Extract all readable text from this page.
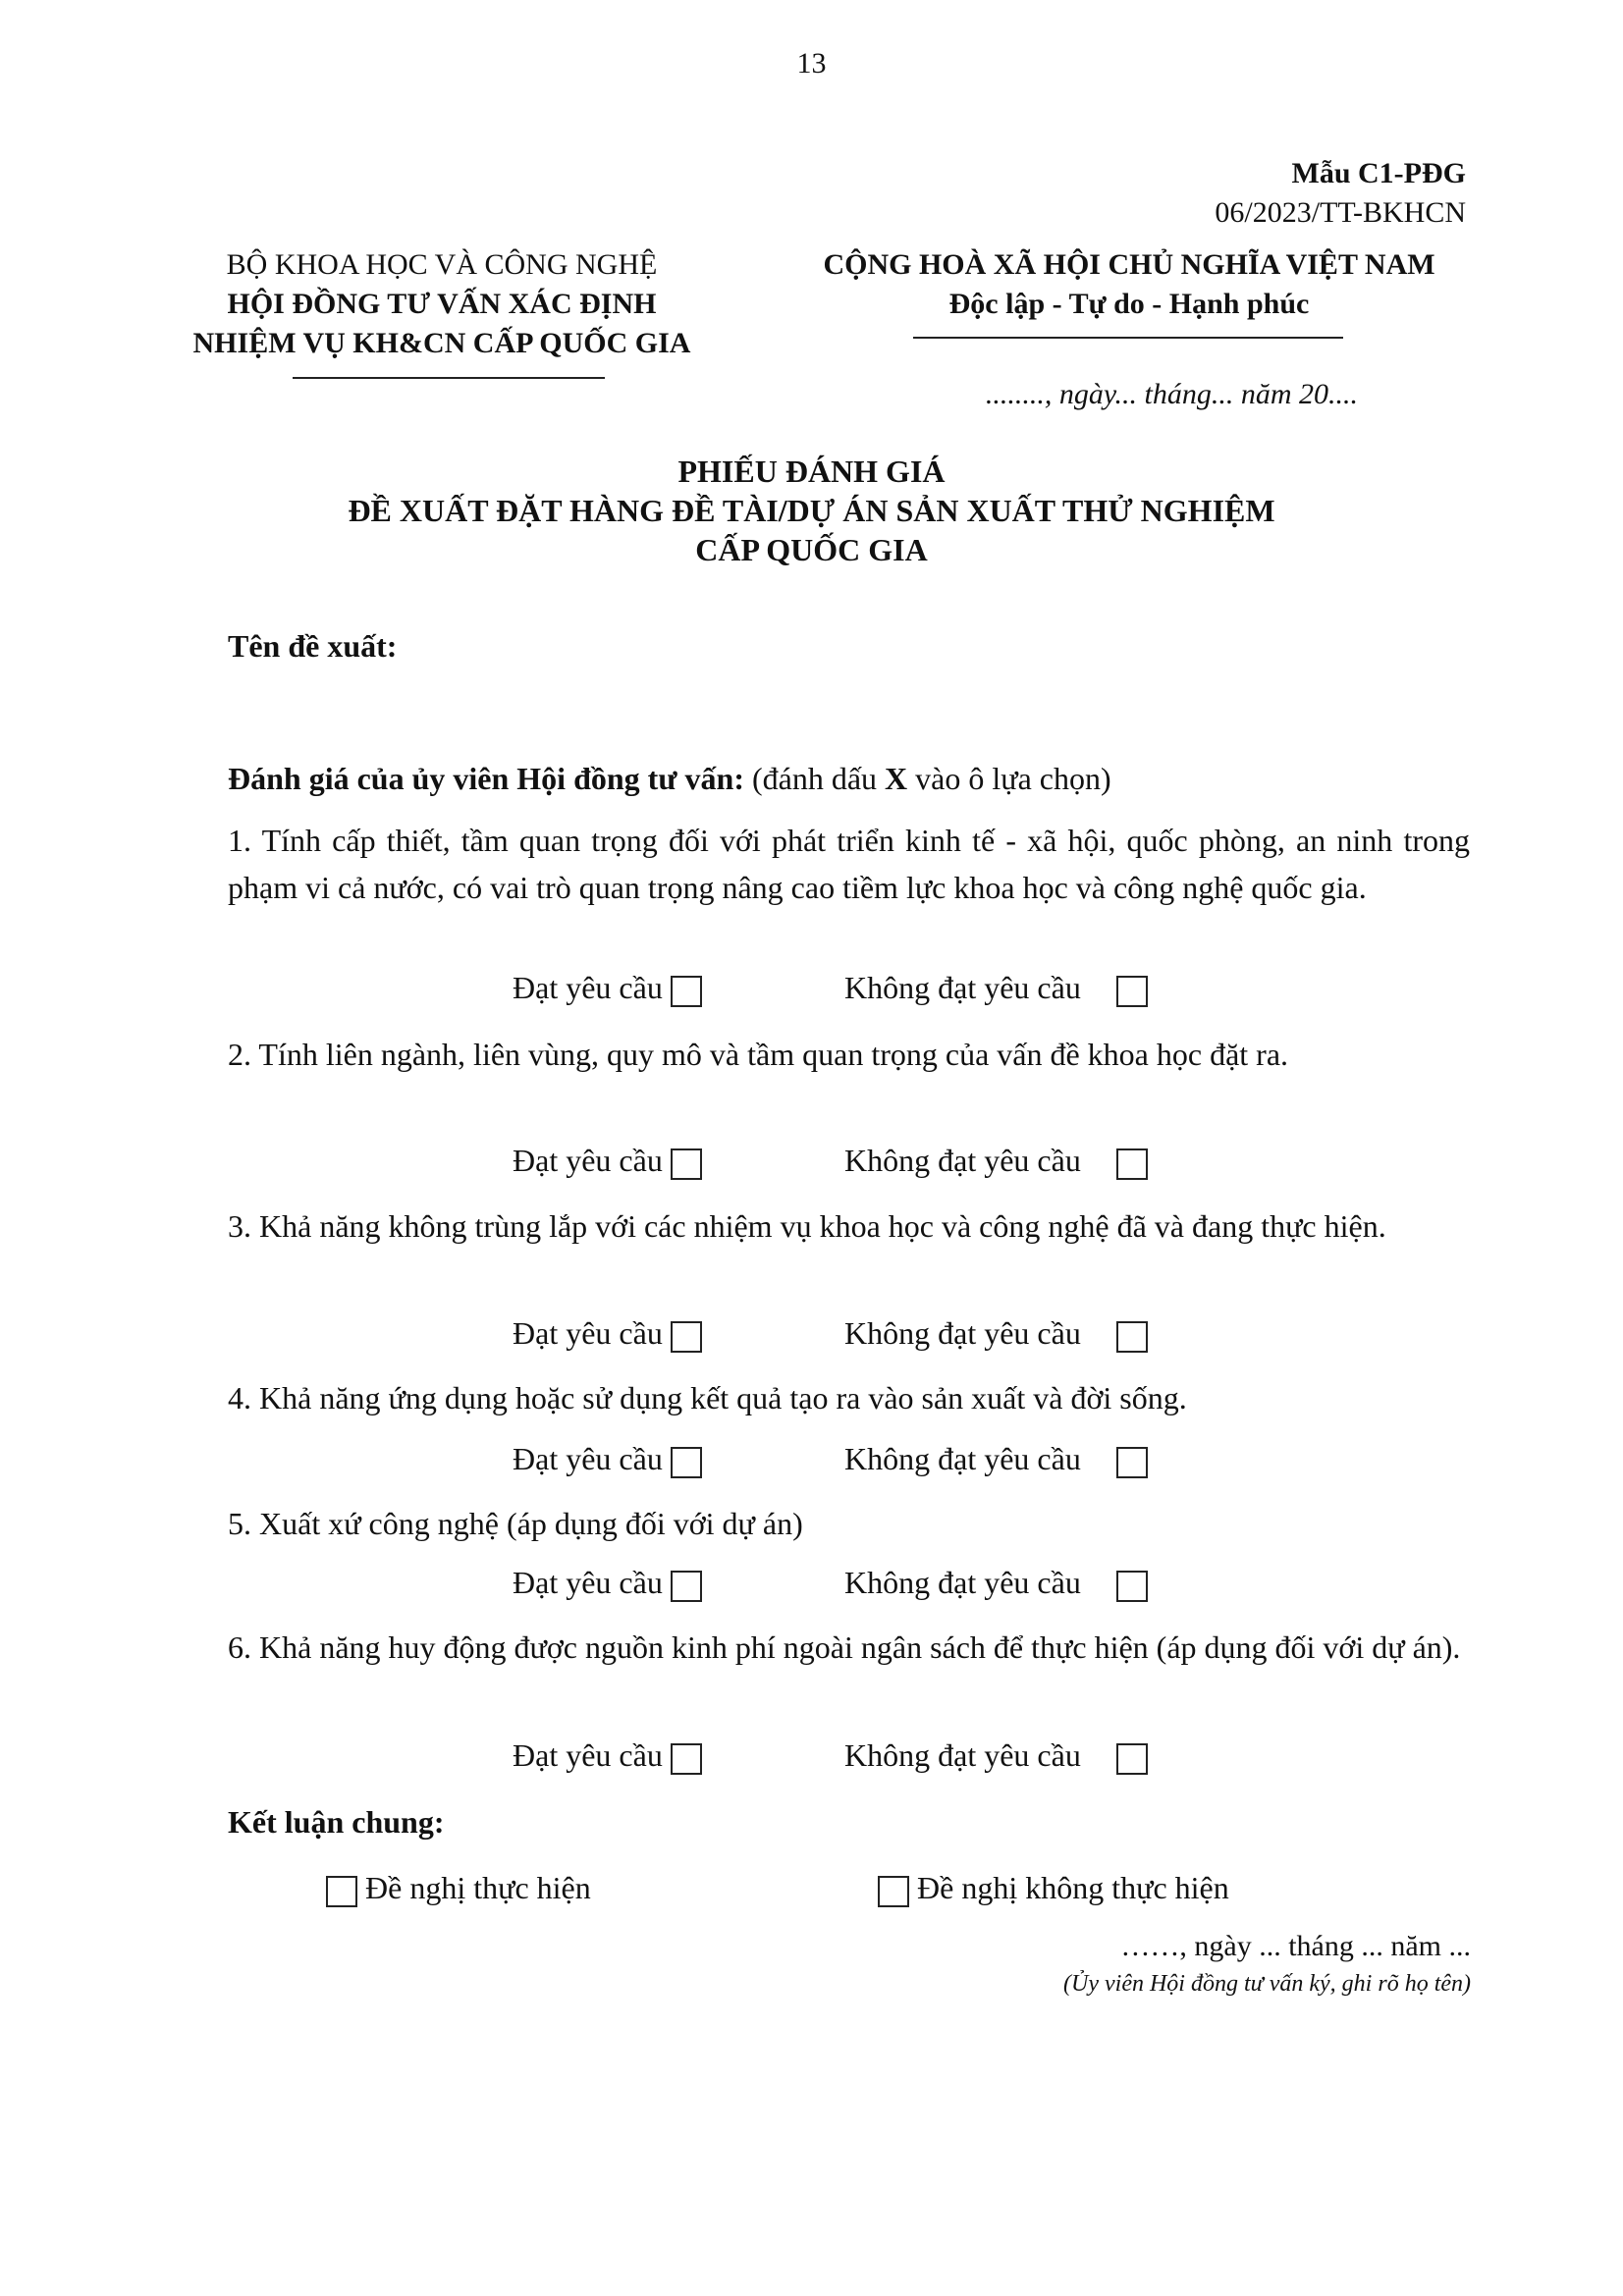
13
Mẫu C1-PĐG
06/2023/TT-BKHCN
BỘ KHOA HỌC VÀ CÔNG NGHỆ
HỘI ĐỒNG TƯ VẤN XÁC ĐỊNH
NHIỆM VỤ KH&CN CẤP QUỐC GIA
CỘNG HOÀ XÃ HỘI CHỦ NGHĨA VIỆT NAM
Độc lập - Tự do - Hạnh phúc
........, ngày... tháng... năm 20....
PHIẾU ĐÁNH GIÁ
ĐỀ XUẤT ĐẶT HÀNG ĐỀ TÀI/DỰ ÁN SẢN XUẤT THỬ NGHIỆM
CẤP QUỐC GIA
Tên đề xuất:
Đánh giá của ủy viên Hội đồng tư vấn: (đánh dấu X vào ô lựa chọn)
1. Tính cấp thiết, tầm quan trọng đối với phát triển kinh tế - xã hội, quốc phòng, an ninh trong phạm vi cả nước, có vai trò quan trọng nâng cao tiềm lực khoa học và công nghệ quốc gia.
Đạt yêu cầu	Không đạt yêu cầu
2. Tính liên ngành, liên vùng, quy mô và tầm quan trọng của vấn đề khoa học đặt ra.
Đạt yêu cầu	Không đạt yêu cầu
3. Khả năng không trùng lắp với các nhiệm vụ khoa học và công nghệ đã và đang thực hiện.
Đạt yêu cầu	Không đạt yêu cầu
4. Khả năng ứng dụng hoặc sử dụng kết quả tạo ra vào sản xuất và đời sống.
Đạt yêu cầu	Không đạt yêu cầu
5. Xuất xứ công nghệ (áp dụng đối với dự án)
Đạt yêu cầu	Không đạt yêu cầu
6. Khả năng huy động được nguồn kinh phí ngoài ngân sách để thực hiện (áp dụng đối với dự án).
Đạt yêu cầu	Không đạt yêu cầu
Kết luận chung:
Đề nghị thực hiện	Đề nghị không thực hiện
……, ngày ... tháng ... năm ...
(Ủy viên Hội đồng tư vấn ký, ghi rõ họ tên)
